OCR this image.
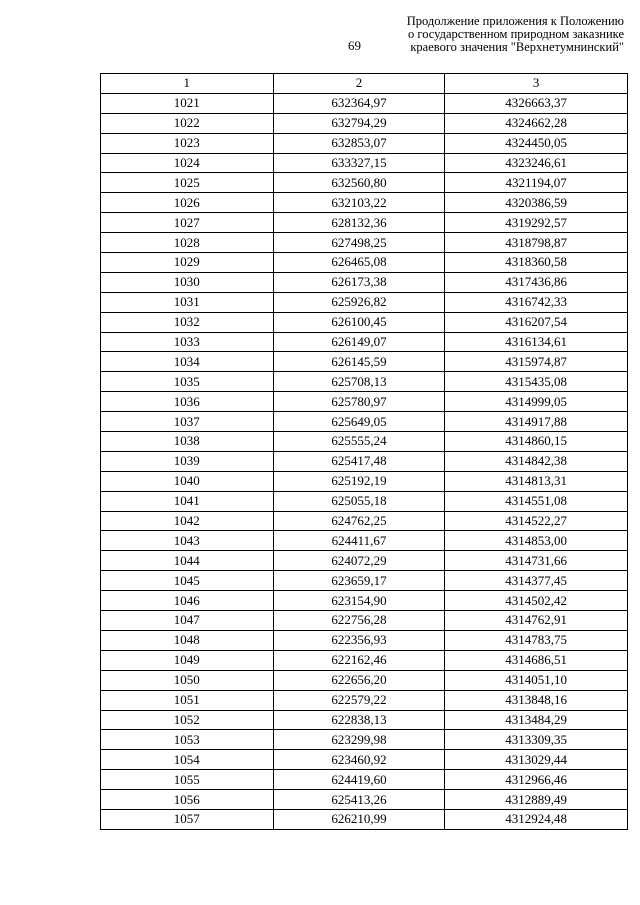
Продолжение приложения к Положению
о государственном природном заказнике
краевого значения "Верхнетумнинский"
69
1	2	3
1021	632364,97	4326663,37
1022	632794,29	4324662,28
1023	632853,07	4324450,05
1024	633327,15	4323246,61
1025	632560,80	4321194,07
1026	632103,22	4320386,59
1027	628132,36	4319292,57
1028	627498,25	4318798,87
1029	626465,08	4318360,58
1030	626173,38	4317436,86
1031	625926,82	4316742,33
1032	626100,45	4316207,54
1033	626149,07	4316134,61
1034	626145,59	4315974,87
1035	625708,13	4315435,08
1036	625780,97	4314999,05
1037	625649,05	4314917,88
1038	625555,24	4314860,15
1039	625417,48	4314842,38
1040	625192,19	4314813,31
1041	625055,18	4314551,08
1042	624762,25	4314522,27
1043	624411,67	4314853,00
1044	624072,29	4314731,66
1045	623659,17	4314377,45
1046	623154,90	4314502,42
1047	622756,28	4314762,91
1048	622356,93	4314783,75
1049	622162,46	4314686,51
1050	622656,20	4314051,10
1051	622579,22	4313848,16
1052	622838,13	4313484,29
1053	623299,98	4313309,35
1054	623460,92	4313029,44
1055	624419,60	4312966,46
1056	625413,26	4312889,49
1057	626210,99	4312924,48
